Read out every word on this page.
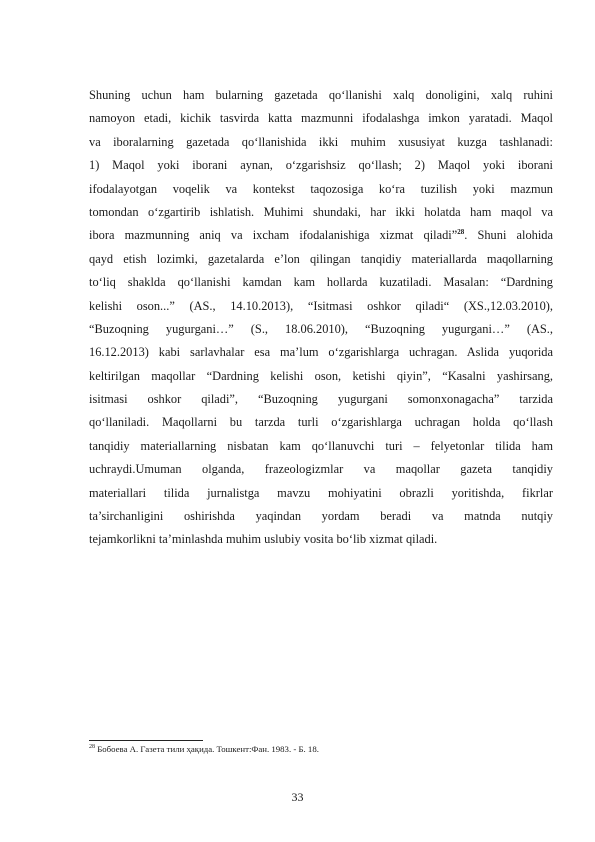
Shuning uchun ham bularning gazetada qo‘llanishi xalq donoligini, xalq ruhini
namoyon etadi, kichik tasvirda katta mazmunni ifodalashga imkon yaratadi. Maqol
va iboralarning gazetada qo‘llanishida ikki muhim xususiyat kuzga tashlanadi:
1) Maqol yoki iborani aynan, o‘zgarishsiz qo‘llash; 2) Maqol yoki iborani
ifodalayotgan voqelik va kontekst taqozosiga ko‘ra tuzilish yoki mazmun
tomondan o‘zgartirib ishlatish. Muhimi shundaki, har ikki holatda ham maqol va
ibora mazmunning aniq va ixcham ifodalanishiga xizmat qiladi”$^{28}$. Shuni alohida
qayd etish lozimki, gazetalarda e’lon qilingan tanqidiy materiallarda maqollarning
to‘liq shaklda qo‘llanishi kamdan kam hollarda kuzatiladi. Masalan: “Dardning
kelishi oson...” (AS., 14.10.2013), “Isitmasi oshkor qiladi“ (XS.,12.03.2010),
“Buzoqning yugurgani…” (S., 18.06.2010), “Buzoqning yugurgani…” (AS.,
16.12.2013) kabi sarlavhalar esa ma’lum o‘zgarishlarga uchragan. Aslida yuqorida
keltirilgan maqollar “Dardning kelishi oson, ketishi qiyin”, “Kasalni yashirsang,
isitmasi oshkor qiladi”, “Buzoqning yugurgani somonxonagacha” tarzida
qo‘llaniladi. Maqollarni bu tarzda turli o‘zgarishlarga uchragan holda qo‘llash
tanqidiy materiallarning nisbatan kam qo‘llanuvchi turi – felyetonlar tilida ham
uchraydi.Umuman olganda, frazeologizmlar va maqollar gazeta tanqidiy
materiallari tilida jurnalistga mavzu mohiyatini obrazli yoritishda, fikrlar
ta’sirchanligini oshirishda yaqindan yordam beradi va matnda nutqiy
tejamkorlikni ta’minlashda muhim uslubiy vosita bo‘lib xizmat qiladi.
$^{28}$ Бобоева А. Газета тили ҳақида. Тошкент:Фан. 1983. - Б. 18.
33
